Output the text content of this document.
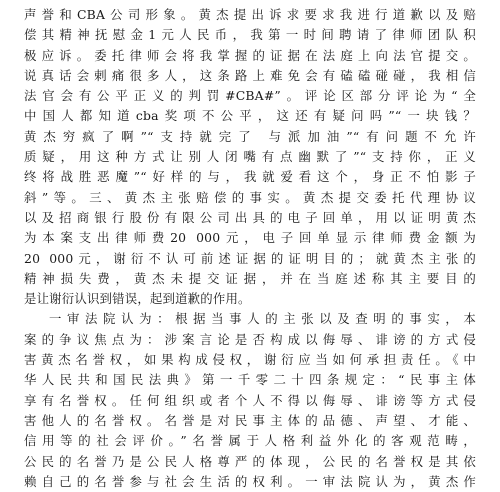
声誉和CBA公司形象。黄杰提出诉求要求我进行道歉以及赔
偿其精神抚慰金1元人民币，我第一时间聘请了律师团队积
极应诉。委托律师会将我掌握的证据在法庭上向法官提交。
说真话会剌痛很多人，这条路上难免会有磕磕碰碰，我相信
法官会有公平正义的判罚#CBA#”。评论区部分评论为“全
中国人都知道cba奖项不公平，这还有疑问吗”“一块钱？
黄杰穷疯了啊”“支持就完了 与派加油”“有问题不允许
质疑，用这种方式让别人闭嘴有点幽默了”“支持你，正义
终将战胜恶魔”“好样的与，我就爱看这个，身正不怕影子
斜”等。三、黄杰主张赔偿的事实。黄杰提交委托代理协议
以及招商银行股份有限公司出具的电子回单，用以证明黄杰
为本案支出律师费20 000元，电子回单显示律师费金额为
20 000元，谢衍不认可前述证据的证明目的；就黄杰主张的
精神损失费，黄杰未提交证据，并在当庭述称其主要目的
是让谢衍认识到错误，起到道歉的作用。
一审法院认为：根据当事人的主张以及查明的事实，本
案的争议焦点为：涉案言论是否构成以侮辱、诽谤的方式侵
害黄杰名誉权，如果构成侵权，谢衍应当如何承担责任。《中
华人民共和国民法典》第一千零二十四条规定：“民事主体
享有名誉权。任何组织或者个人不得以侮辱、诽谤等方式侵
害他人的名誉权。名誉是对民事主体的品德、声望、才能、
信用等的社会评价。”名誉属于人格利益外化的客观范畴，
公民的名誉乃是公民人格尊严的体现，公民的名誉权是其依
赖自己的名誉参与社会生活的权利。一审法院认为，黄杰作
